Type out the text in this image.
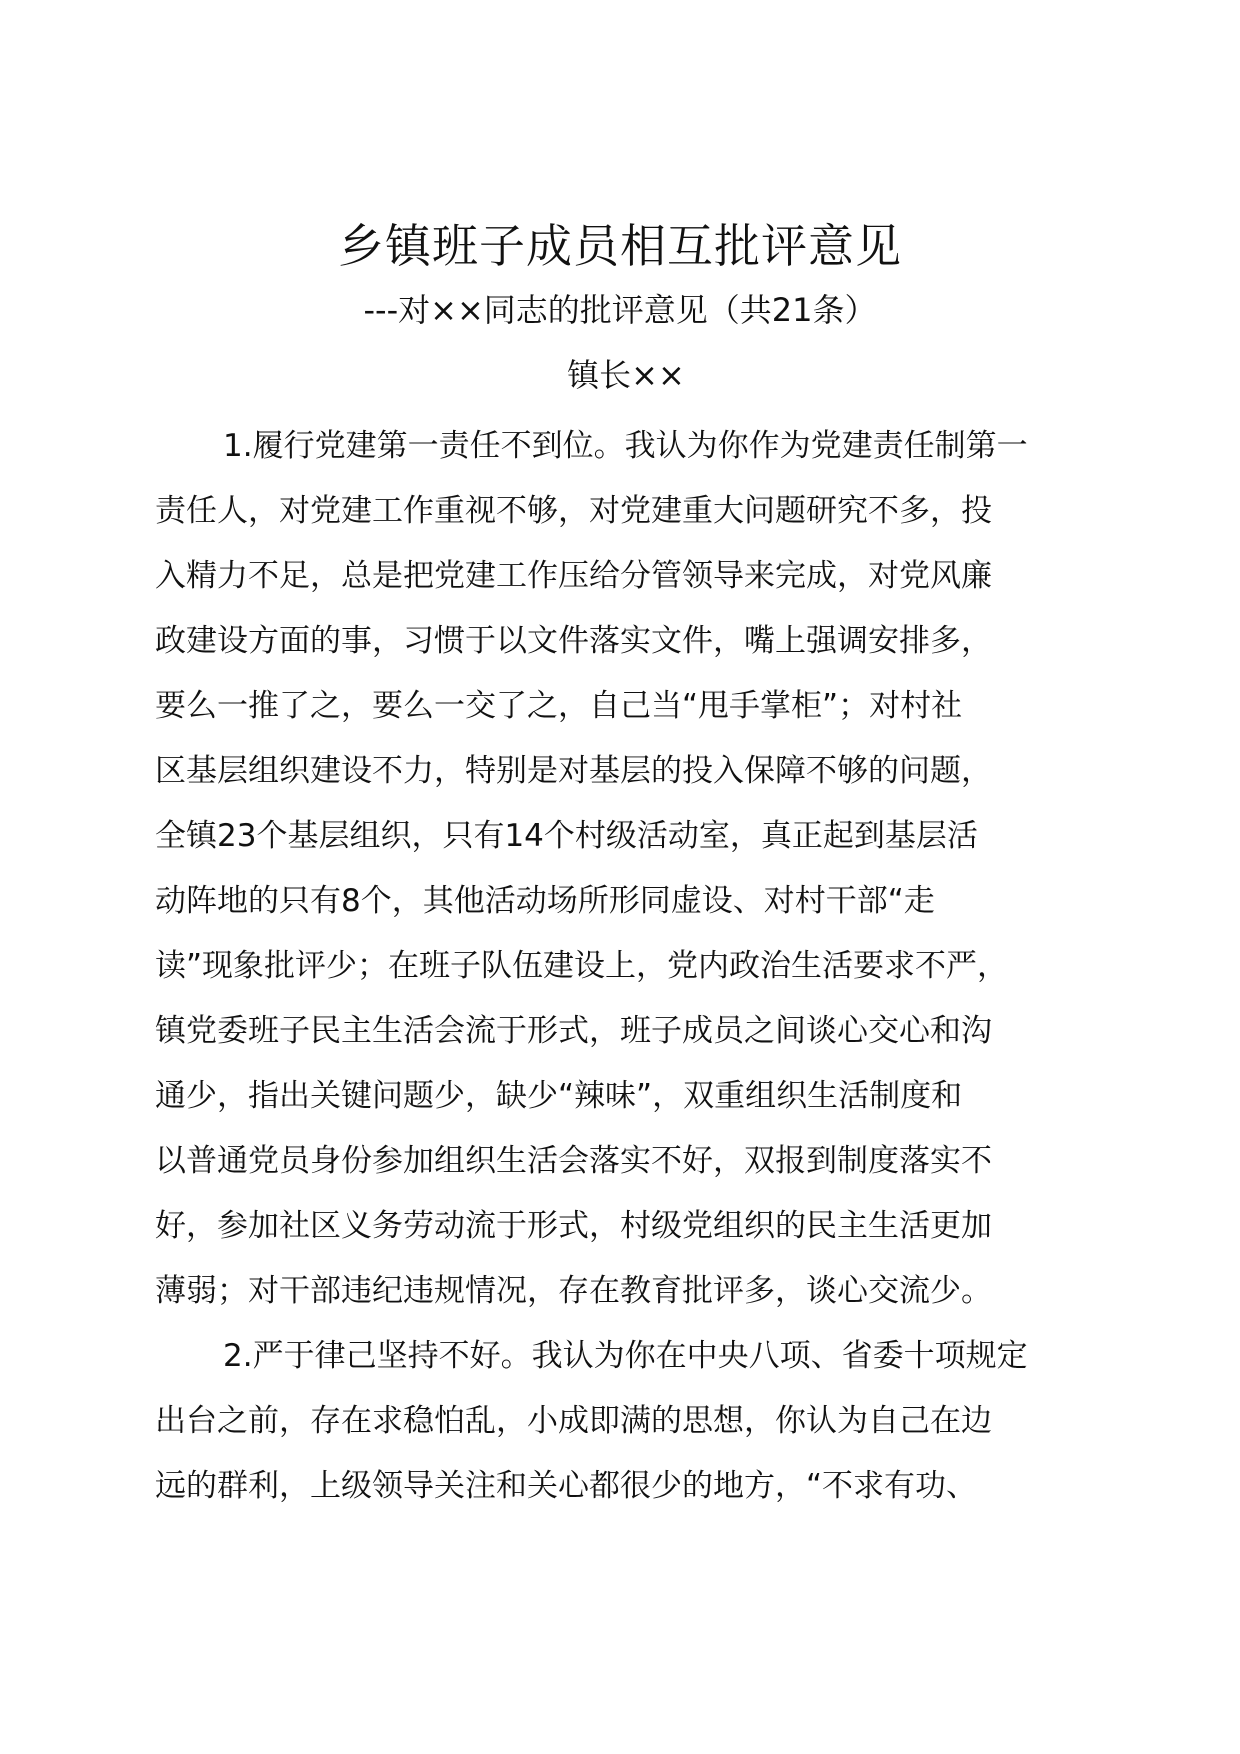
乡镇班子成员相互批评意见
---对××同志的批评意见（共21条）
镇长××
1.履行党建第一责任不到位。我认为你作为党建责任制第一
责任人，对党建工作重视不够，对党建重大问题研究不多，投
入精力不足，总是把党建工作压给分管领导来完成，对党风廉
政建设方面的事，习惯于以文件落实文件，嘴上强调安排多，
要么一推了之，要么一交了之，自己当“甩手掌柜”；对村社
区基层组织建设不力，特别是对基层的投入保障不够的问题，
全镇23个基层组织，只有14个村级活动室，真正起到基层活
动阵地的只有8个，其他活动场所形同虚设、对村干部“走
读”现象批评少；在班子队伍建设上，党内政治生活要求不严，
镇党委班子民主生活会流于形式，班子成员之间谈心交心和沟
通少，指出关键问题少，缺少“辣味”，双重组织生活制度和
以普通党员身份参加组织生活会落实不好，双报到制度落实不
好，参加社区义务劳动流于形式，村级党组织的民主生活更加
薄弱；对干部违纪违规情况，存在教育批评多，谈心交流少。
2.严于律己坚持不好。我认为你在中央八项、省委十项规定
出台之前，存在求稳怕乱，小成即满的思想，你认为自己在边
远的群利，上级领导关注和关心都很少的地方，“不求有功、
